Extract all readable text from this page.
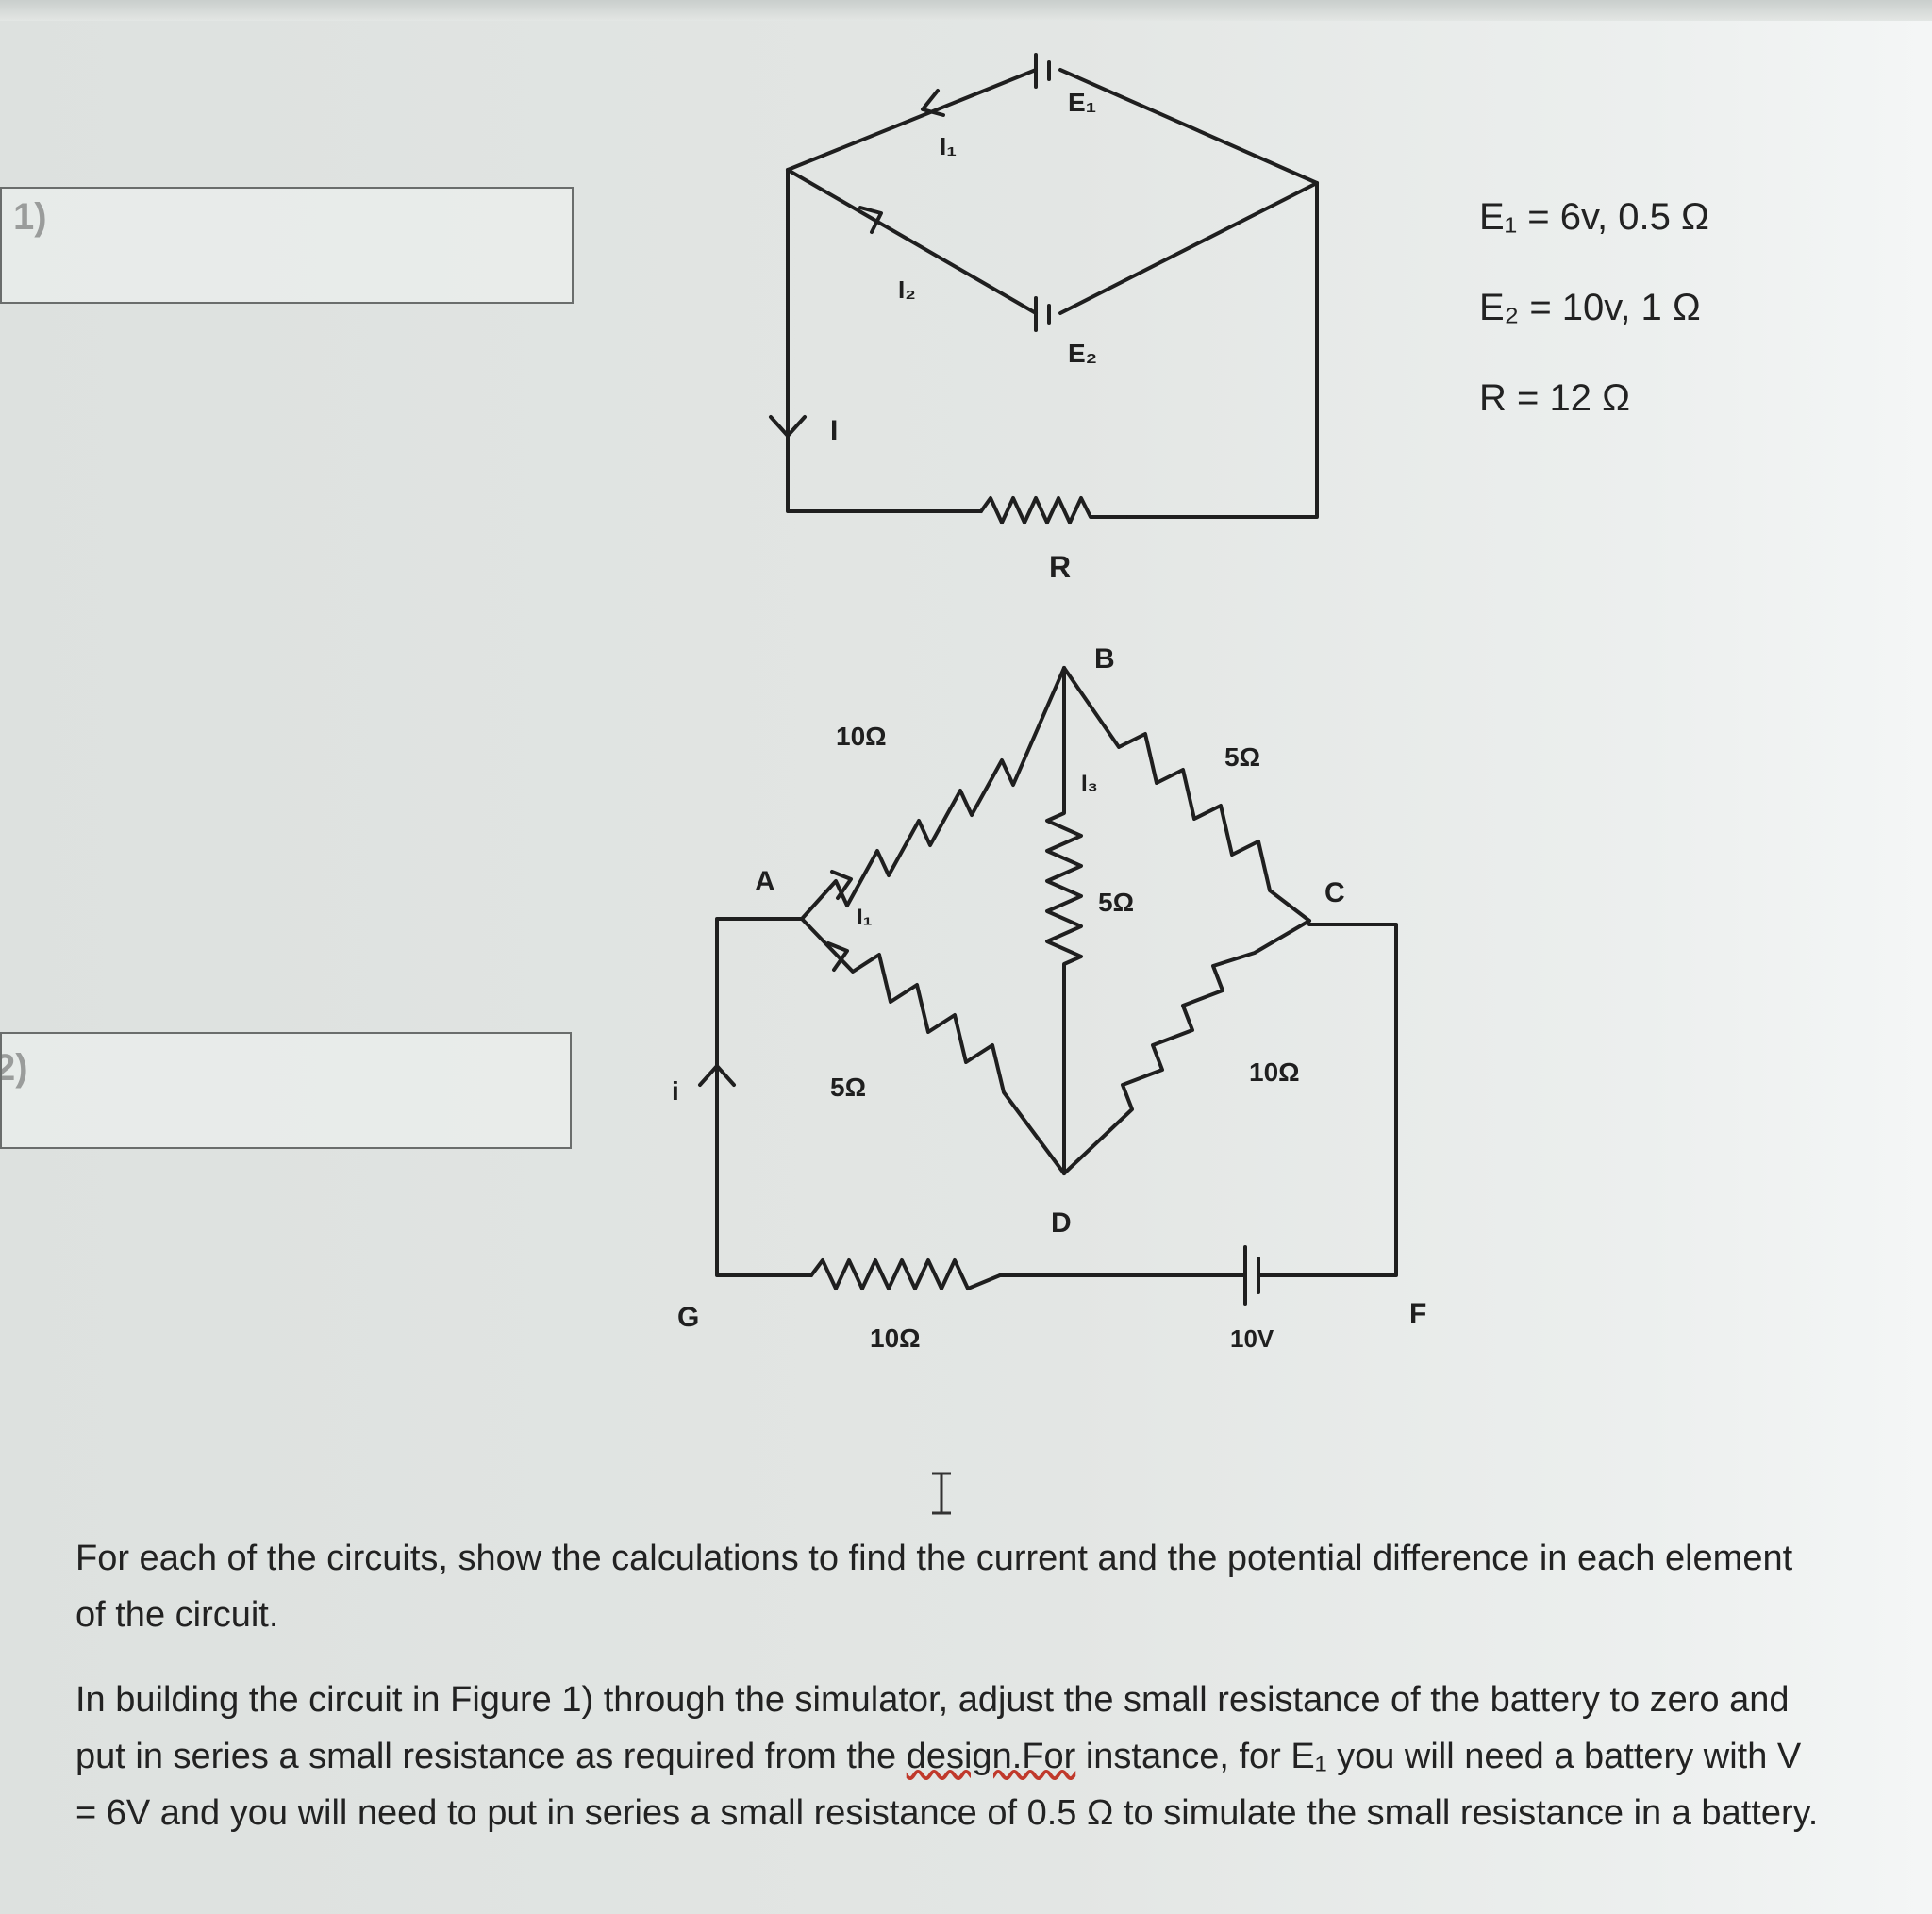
E₁
I₁
I₂
E₂
I
R
B
10Ω
5Ω
I₃
A
I₁
5Ω	C
i	5Ω
10Ω
D
G	F
10Ω	10V
E₁ = 6v, 0.5 Ω
E₂ = 10v, 1 Ω
R = 12 Ω
For each of the circuits, show the calculations to find the current and the potential difference in each element of the circuit.
In building the circuit in Figure 1) through the simulator, adjust the small resistance of the battery to zero and put in series a small resistance as required from the design.For instance, for E₁ you will need a battery with V = 6V and you will need to put in series a small resistance of 0.5 Ω to simulate the small resistance in a battery.
